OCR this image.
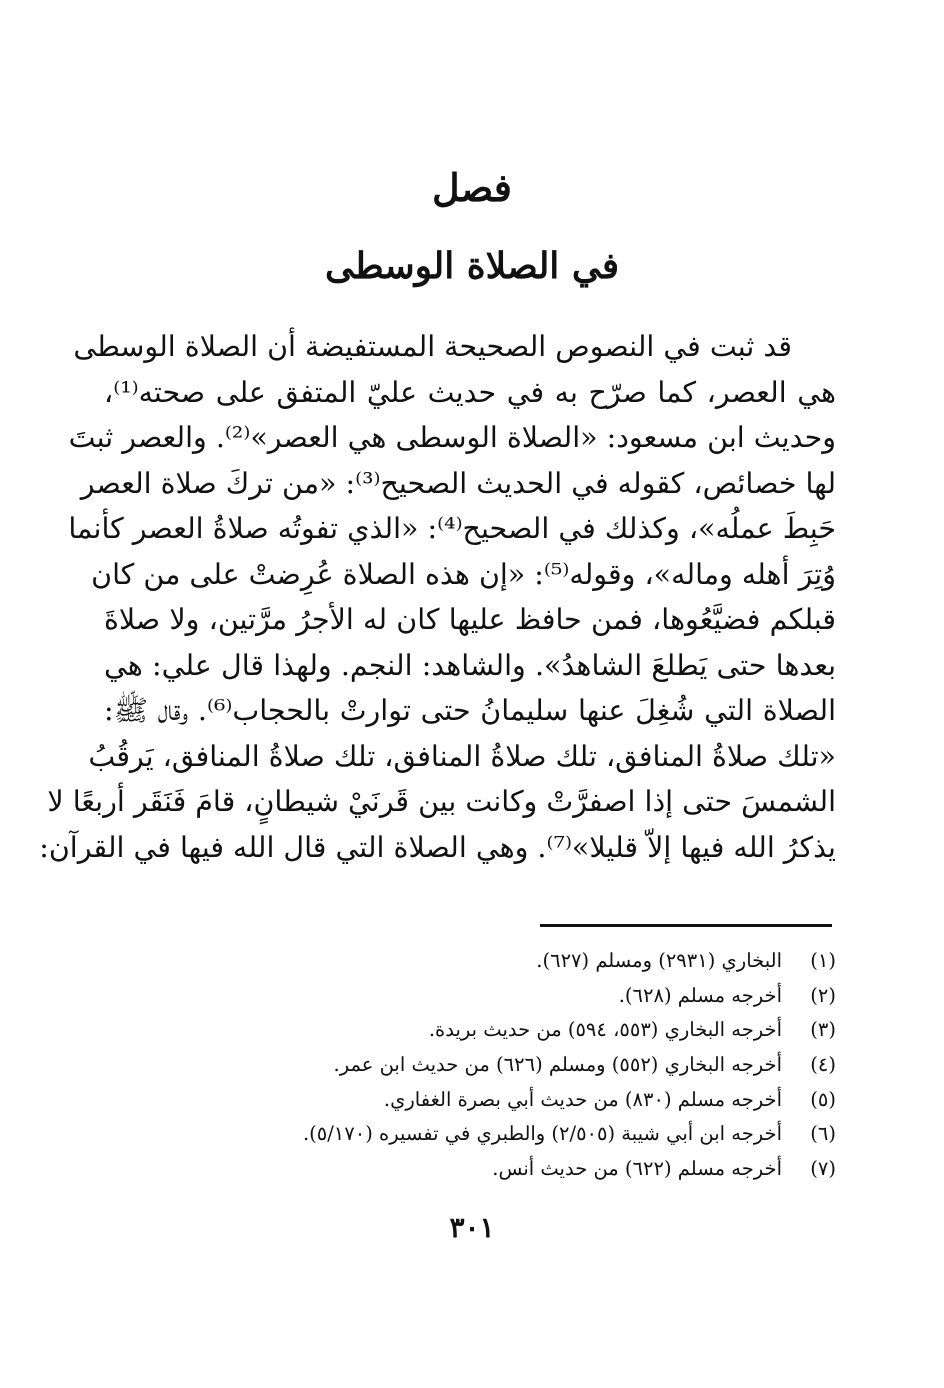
فصل
في الصلاة الوسطى
قد ثبت في النصوص الصحيحة المستفيضة أن الصلاة الوسطى
هي العصر، كما صرّح به في حديث عليّ المتفق على صحته⁽¹⁾،
وحديث ابن مسعود: «الصلاة الوسطى هي العصر»⁽²⁾. والعصر ثبتَ
لها خصائص، كقوله في الحديث الصحيح⁽³⁾: «من تركَ صلاة العصر
حَبِطَ عملُه»، وكذلك في الصحيح⁽⁴⁾: «الذي تفوتُه صلاةُ العصر كأنما
وُتِرَ أهله وماله»، وقوله⁽⁵⁾: «إن هذه الصلاة عُرِضتْ على من كان
قبلكم فضيَّعُوها، فمن حافظ عليها كان له الأجرُ مرَّتين، ولا صلاةَ
بعدها حتى يَطلعَ الشاهدُ». والشاهد: النجم. ولهذا قال علي: هي
الصلاة التي شُغِلَ عنها سليمانُ حتى توارتْ بالحجاب⁽⁶⁾. وقال ﷺ:
«تلك صلاةُ المنافق، تلك صلاةُ المنافق، تلك صلاةُ المنافق، يَرقُبُ
الشمسَ حتى إذا اصفرَّتْ وكانت بين قَرنَيْ شيطانٍ، قامَ فَنَقَر أربعًا لا
يذكرُ الله فيها إلاّ قليلا»⁽⁷⁾. وهي الصلاة التي قال الله فيها في القرآن:
(١)
البخاري (٢٩٣١) ومسلم (٦٢٧).
(٢)
أخرجه مسلم (٦٢٨).
(٣)
أخرجه البخاري (٥٥٣، ٥٩٤) من حديث بريدة.
(٤)
أخرجه البخاري (٥٥٢) ومسلم (٦٢٦) من حديث ابن عمر.
(٥)
أخرجه مسلم (٨٣٠) من حديث أبي بصرة الغفاري.
(٦)
أخرجه ابن أبي شيبة (٢/٥٠٥) والطبري في تفسيره (٥/١٧٠).
(٧)
أخرجه مسلم (٦٢٢) من حديث أنس.
٣٠١
